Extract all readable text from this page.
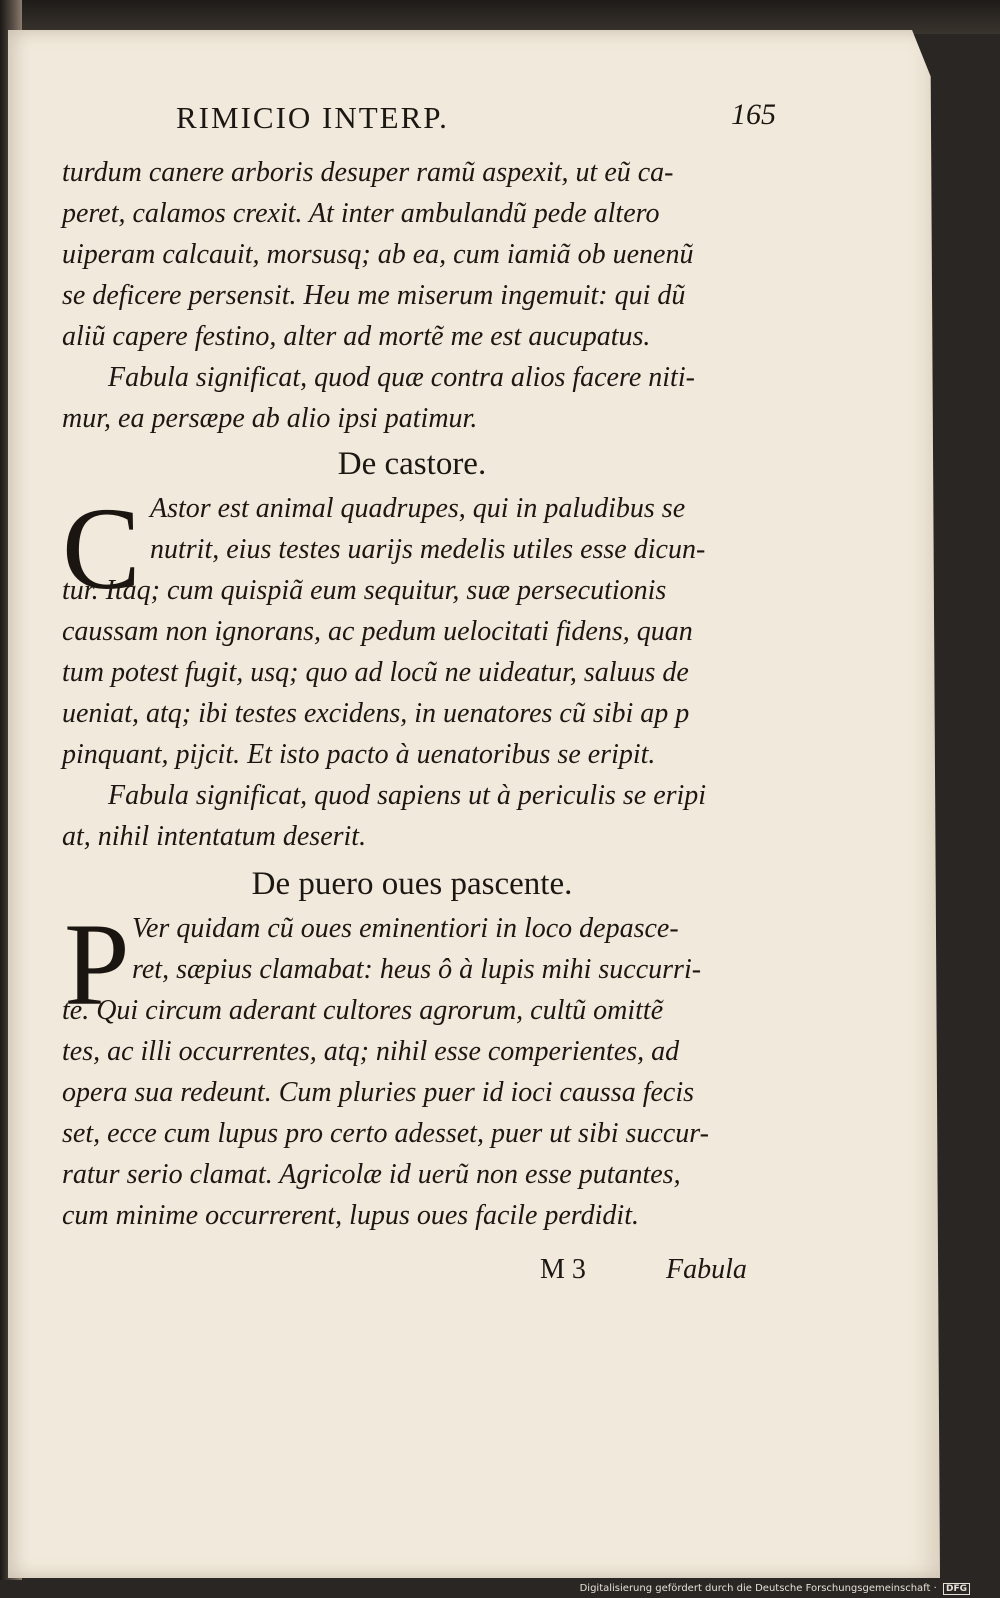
RIMICIO INTERP.	165
turdum canere arboris desuper ramũ aspexit, ut eũ ca-
peret, calamos crexit. At inter ambulandũ pede altero
uiperam calcauit, morsusq; ab ea, cum iamiã ob uenenũ
se deficere persensit. Heu me miserum ingemuit: qui dũ
aliũ capere festino, alter ad mortẽ me est aucupatus.
Fabula significat, quod quæ contra alios facere niti-
mur, ea persæpe ab alio ipsi patimur.
De castore.
C Astor est animal quadrupes, qui in paludibus se
nutrit, eius testes uarijs medelis utiles esse dicun-
tur. Itaq; cum quispiã eum sequitur, suæ persecutionis
caussam non ignorans, ac pedum uelocitati fidens, quan
tum potest fugit, usq; quo ad locũ ne uideatur, saluus de
ueniat, atq; ibi testes excidens, in uenatores cũ sibi ap p
pinquant, pijcit. Et isto pacto à uenatoribus se eripit.
Fabula significat, quod sapiens ut à periculis se eripi
at, nihil intentatum deserit.
De puero oues pascente.
P Ver quidam cũ oues eminentiori in loco depasce-
ret, sæpius clamabat: heus ô à lupis mihi succurri-
te. Qui circum aderant cultores agrorum, cultũ omittẽ
tes, ac illi occurrentes, atq; nihil esse comperientes, ad
opera sua redeunt. Cum pluries puer id ioci caussa fecis
set, ecce cum lupus pro certo adesset, puer ut sibi succur-
ratur serio clamat. Agricolæ id uerũ non esse putantes,
cum minime occurrerent, lupus oues facile perdidit.
M 3	Fabula
Digitalisierung gefördert durch die Deutsche Forschungsgemeinschaft · DFG
